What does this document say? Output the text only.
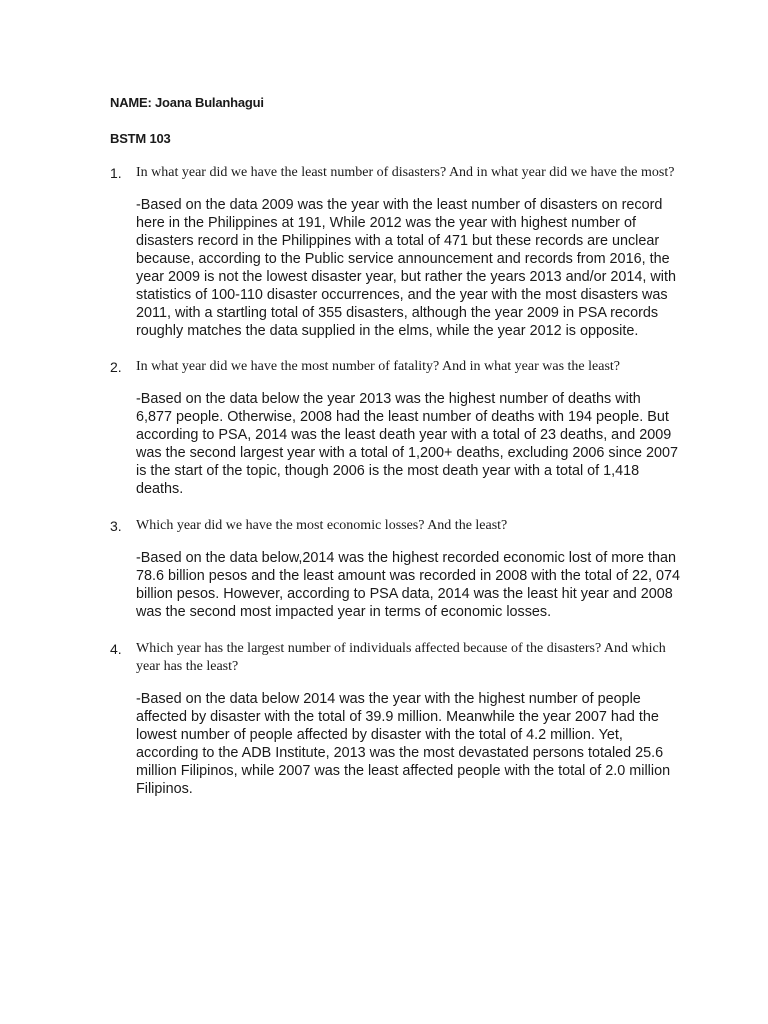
NAME: Joana Bulanhagui
BSTM 103
1. In what year did we have the least number of disasters? And in what year did we have the most?

-Based on the data 2009 was the year with the least number of disasters on record here in the Philippines at 191, While 2012 was the year with highest number of disasters record in the Philippines with a total of 471 but these records are unclear because, according to the Public service announcement and records from 2016, the year 2009 is not the lowest disaster year, but rather the years 2013 and/or 2014, with statistics of 100-110 disaster occurrences, and the year with the most disasters was 2011, with a startling total of 355 disasters, although the year 2009 in PSA records roughly matches the data supplied in the elms, while the year 2012 is opposite.

2. In what year did we have the most number of fatality? And in what year was the least?

-Based on the data below the year 2013 was the highest number of deaths with 6,877 people. Otherwise, 2008 had the least number of deaths with 194 people. But according to PSA, 2014 was the least death year with a total of 23 deaths, and 2009 was the second largest year with a total of 1,200+ deaths, excluding 2006 since 2007 is the start of the topic, though 2006 is the most death year with a total of 1,418 deaths.

3. Which year did we have the most economic losses? And the least?

-Based on the data below,2014 was the highest recorded economic lost of more than 78.6 billion pesos and the least amount was recorded in 2008 with the total of 22, 074 billion pesos. However, according to PSA data, 2014 was the least hit year and 2008 was the second most impacted year in terms of economic losses.

4. Which year has the largest number of individuals affected because of the disasters? And which year has the least?

-Based on the data below 2014 was the year with the highest number of people affected by disaster with the total of 39.9 million. Meanwhile the year 2007 had the lowest number of people affected by disaster with the total of 4.2 million. Yet, according to the ADB Institute, 2013 was the most devastated persons totaled 25.6 million Filipinos, while 2007 was the least affected people with the total of 2.0 million Filipinos.
